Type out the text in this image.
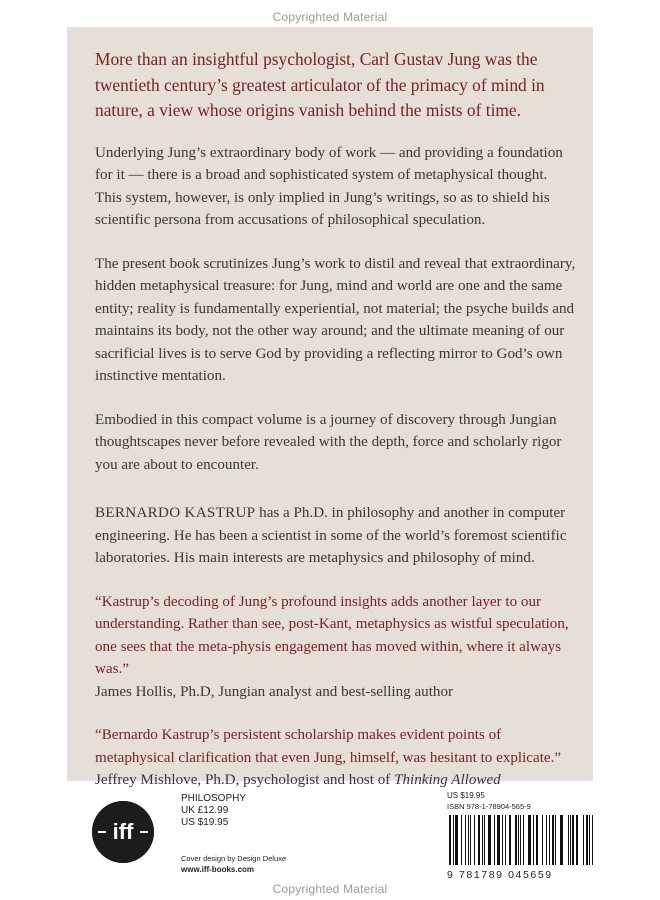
Copyrighted Material

More than an insightful psychologist, Carl Gustav Jung was the twentieth century’s greatest articulator of the primacy of mind in nature, a view whose origins vanish behind the mists of time.

Underlying Jung’s extraordinary body of work — and providing a foundation for it — there is a broad and sophisticated system of metaphysical thought. This system, however, is only implied in Jung’s writings, so as to shield his scientific persona from accusations of philosophical speculation.

The present book scrutinizes Jung’s work to distil and reveal that extraordinary, hidden metaphysical treasure: for Jung, mind and world are one and the same entity; reality is fundamentally experiential, not material; the psyche builds and maintains its body, not the other way around; and the ultimate meaning of our sacrificial lives is to serve God by providing a reflecting mirror to God’s own instinctive mentation.

Embodied in this compact volume is a journey of discovery through Jungian thoughtscapes never before revealed with the depth, force and scholarly rigor you are about to encounter.

BERNARDO KASTRUP has a Ph.D. in philosophy and another in computer engineering. He has been a scientist in some of the world’s foremost scientific laboratories. His main interests are metaphysics and philosophy of mind.

“Kastrup’s decoding of Jung’s profound insights adds another layer to our understanding. Rather than see, post-Kant, metaphysics as wistful speculation, one sees that the meta-physis engagement has moved within, where it always was.”

James Hollis, Ph.D, Jungian analyst and best-selling author

“Bernardo Kastrup’s persistent scholarship makes evident points of metaphysical clarification that even Jung, himself, was hesitant to explicate.”

Jeffrey Mishlove, Ph.D, psychologist and host of Thinking Allowed

iff
PHILOSOPHY
UK £12.99
US $19.95
Cover design by Design Deluxe
www.iff-books.com
US $19.95
ISBN 978-1-78904-565-9
9 781789 045659
Copyrighted Material
